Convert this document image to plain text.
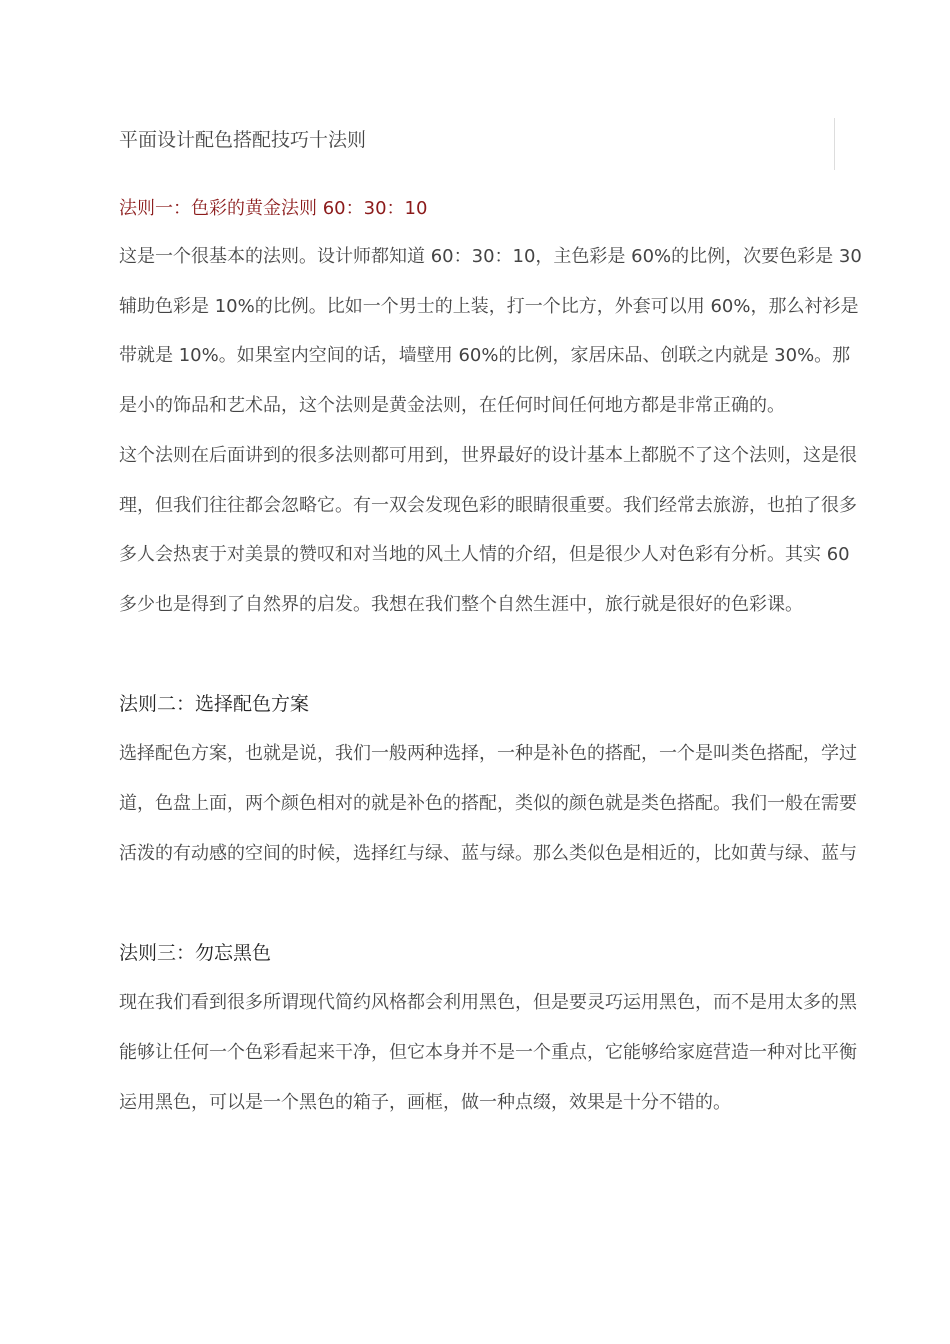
平面设计配色搭配技巧十法则
法则一：色彩的黄金法则 60：30：10
这是一个很基本的法则。设计师都知道 60：30：10，主色彩是 60%的比例，次要色彩是 30
辅助色彩是 10%的比例。比如一个男士的上装，打一个比方，外套可以用 60%，那么衬衫是
带就是 10%。如果室内空间的话，墙壁用 60%的比例，家居床品、创联之内就是 30%。那
是小的饰品和艺术品，这个法则是黄金法则，在任何时间任何地方都是非常正确的。
这个法则在后面讲到的很多法则都可用到，世界最好的设计基本上都脱不了这个法则，这是很
理，但我们往往都会忽略它。有一双会发现色彩的眼睛很重要。我们经常去旅游，也拍了很多
多人会热衷于对美景的赞叹和对当地的风土人情的介绍，但是很少人对色彩有分析。其实 60
多少也是得到了自然界的启发。我想在我们整个自然生涯中，旅行就是很好的色彩课。
法则二：选择配色方案
选择配色方案，也就是说，我们一般两种选择，一种是补色的搭配，一个是叫类色搭配，学过
道，色盘上面，两个颜色相对的就是补色的搭配，类似的颜色就是类色搭配。我们一般在需要
活泼的有动感的空间的时候，选择红与绿、蓝与绿。那么类似色是相近的，比如黄与绿、蓝与
法则三：勿忘黑色
现在我们看到很多所谓现代简约风格都会利用黑色，但是要灵巧运用黑色，而不是用太多的黑
能够让任何一个色彩看起来干净，但它本身并不是一个重点，它能够给家庭营造一种对比平衡
运用黑色，可以是一个黑色的箱子，画框，做一种点缀，效果是十分不错的。
